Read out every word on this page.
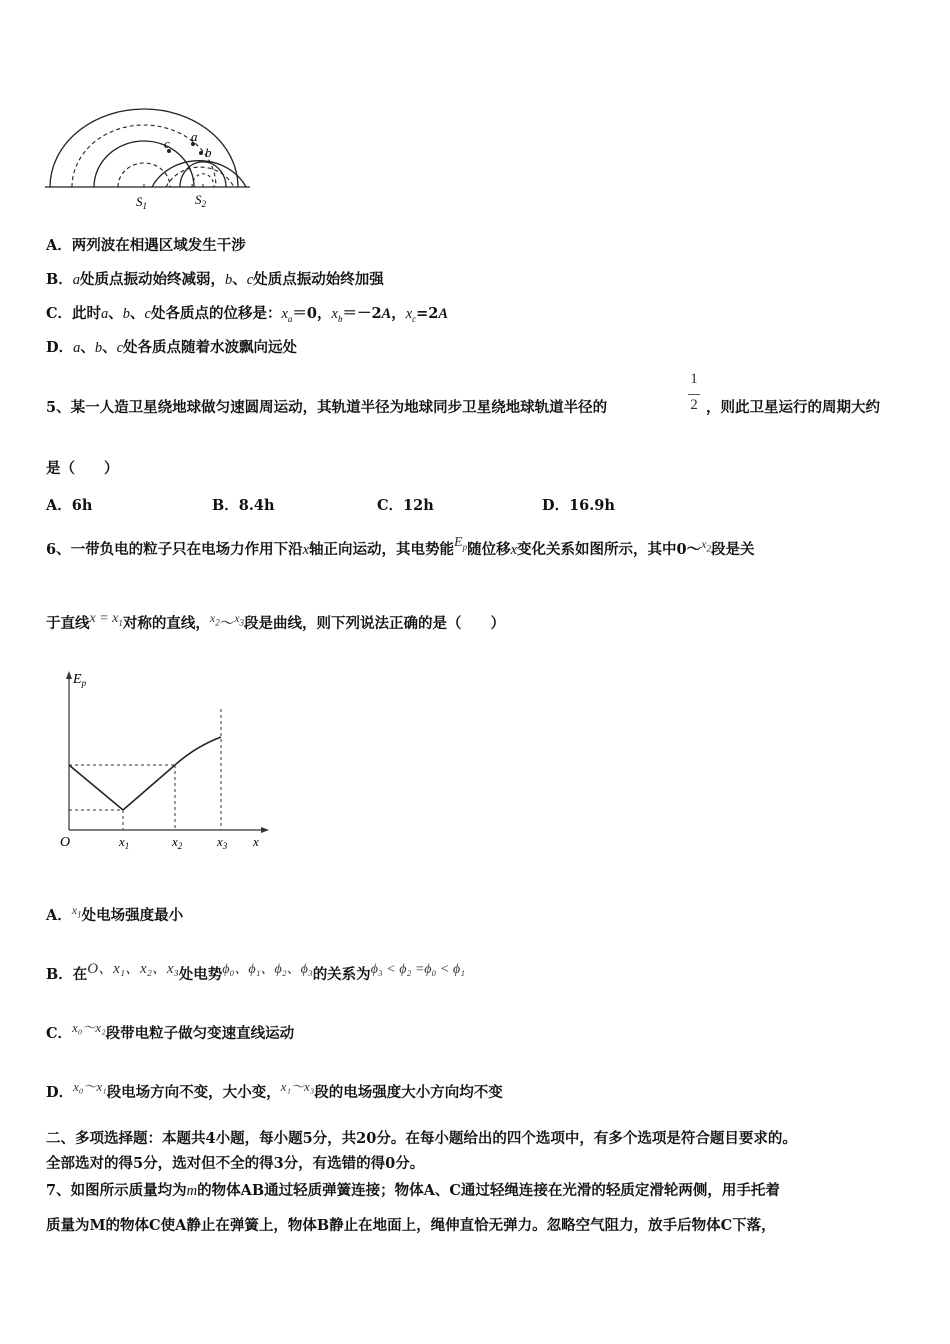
a
b
c
$S_1$	$S_2$
A．两列波在相遇区域发生干涉
B．a处质点振动始终减弱，b、c处质点振动始终加强
C．此时a、b、c处各质点的位移是：$x_a=0$，$x_b=-2A$，$x_c=2A$
D．a、b、c处各质点随着水波飘向远处
5、某一人造卫星绕地球做匀速圆周运动，其轨道半径为地球同步卫星绕地球轨道半径的
1
2 ，则此卫星运行的周期大约
是（　　）
A．6h	B．8.4h	C．12h	D．16.9h
6、一带负电的粒子只在电场力作用下沿x轴正向运动，其电势能$E_p$随位移x变化关系如图所示，其中0～$^{x_2}$段是关
于直线$x = x_1$对称的直线，$^{x_2}$～$^{x_3}$段是曲线，则下列说法正确的是（　　）
$E_p$
O	$x_1$	$x_2$	$x_3$ x
A．$^{x_1}$处电场强度最小
B．在O、x₁、x₂、x₃处电势ϕ₀、ϕ₁、ϕ₂、ϕ₃的关系为ϕ₃ < ϕ₂ =ϕ₀ < ϕ₁
C．x₀～x₂段带电粒子做匀变速直线运动
D．x₀～x₁段电场方向不变，大小变，x₁～x₃段的电场强度大小方向均不变
二、多项选择题：本题共4小题，每小题5分，共20分。在每小题给出的四个选项中，有多个选项是符合题目要求的。
全部选对的得5分，选对但不全的得3分，有选错的得0分。
7、如图所示质量均为m的物体AB通过轻质弹簧连接；物体A、C通过轻绳连接在光滑的轻质定滑轮两侧，用手托着
质量为M的物体C使A静止在弹簧上，物体B静止在地面上，绳伸直恰无弹力。忽略空气阻力，放手后物体C下落，
